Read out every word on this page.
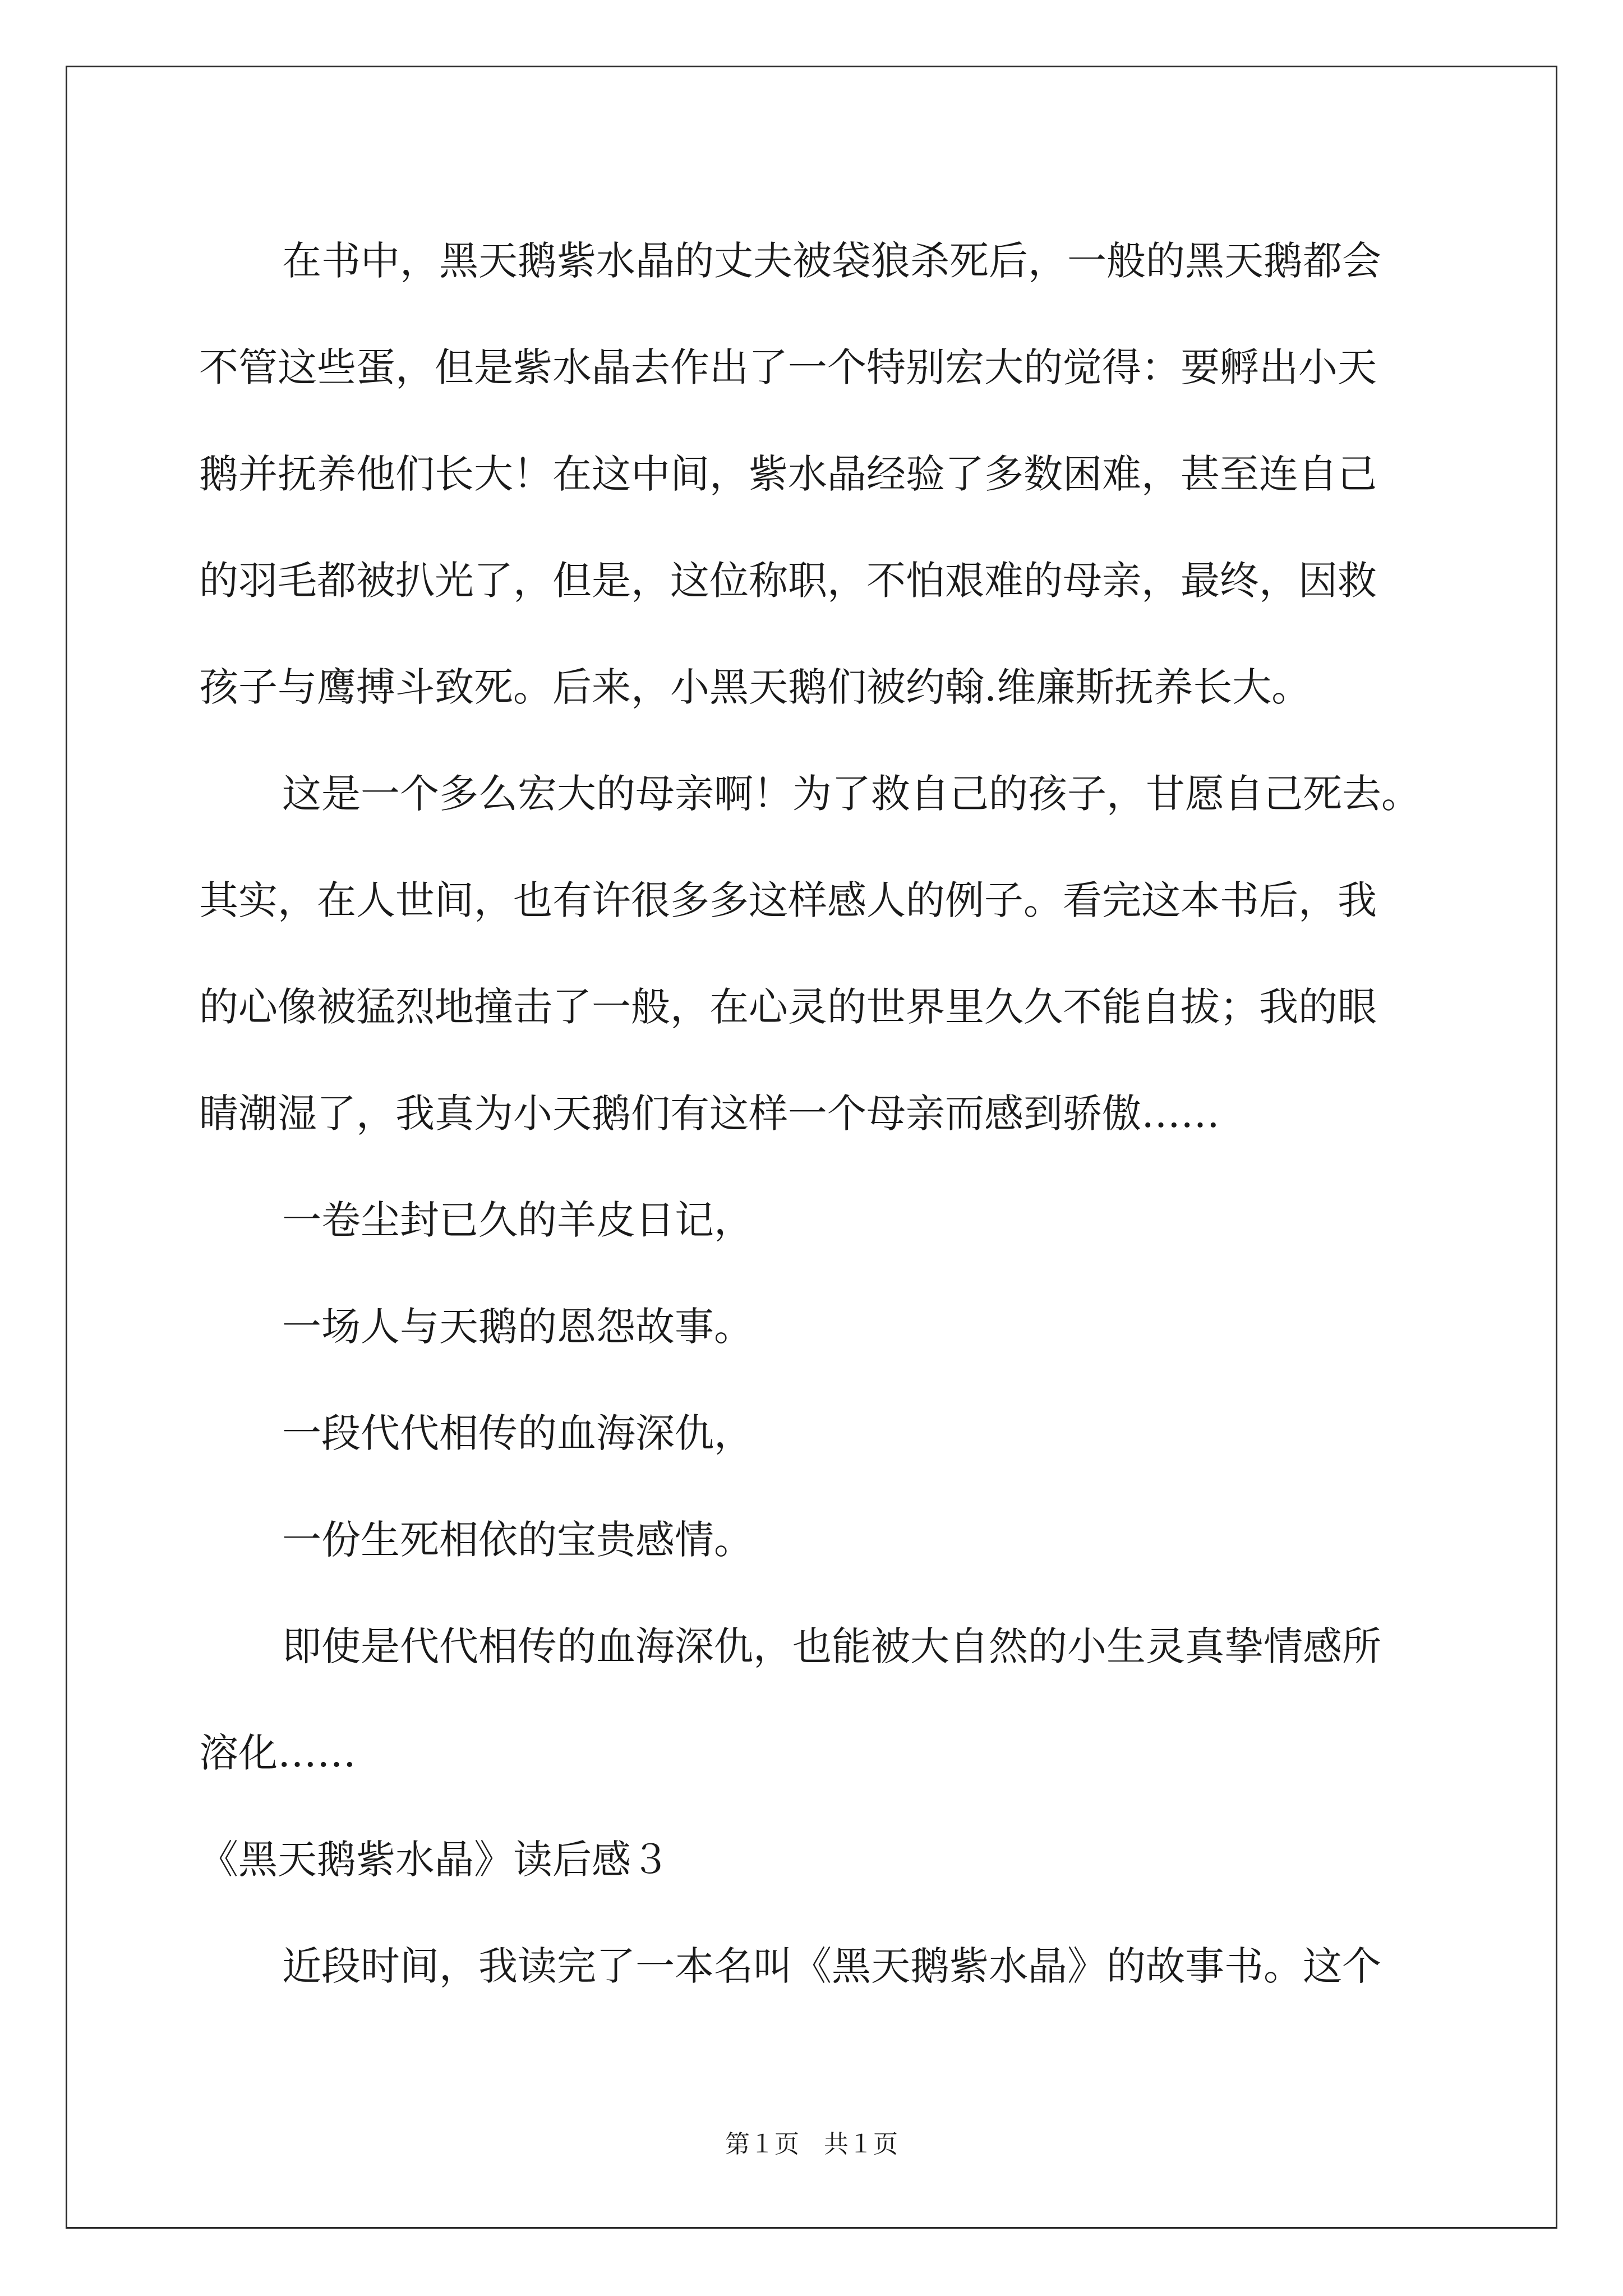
在书中，黑天鹅紫水晶的丈夫被袋狼杀死后，一般的黑天鹅都会

不管这些蛋，但是紫水晶去作出了一个特别宏大的觉得：要孵出小天

鹅并抚养他们长大！在这中间，紫水晶经验了多数困难，甚至连自己

的羽毛都被扒光了，但是，这位称职，不怕艰难的母亲，最终，因救

孩子与鹰搏斗致死。后来，小黑天鹅们被约翰.维廉斯抚养长大。

这是一个多么宏大的母亲啊！为了救自己的孩子，甘愿自己死去。

其实，在人世间，也有许很多多这样感人的例子。看完这本书后，我

的心像被猛烈地撞击了一般，在心灵的世界里久久不能自拔；我的眼

睛潮湿了，我真为小天鹅们有这样一个母亲而感到骄傲……

一卷尘封已久的羊皮日记，

一场人与天鹅的恩怨故事。

一段代代相传的血海深仇，

一份生死相依的宝贵感情。

即使是代代相传的血海深仇，也能被大自然的小生灵真挚情感所

溶化……

《黑天鹅紫水晶》读后感３

近段时间，我读完了一本名叫《黑天鹅紫水晶》的故事书。这个

第１页　共１页
